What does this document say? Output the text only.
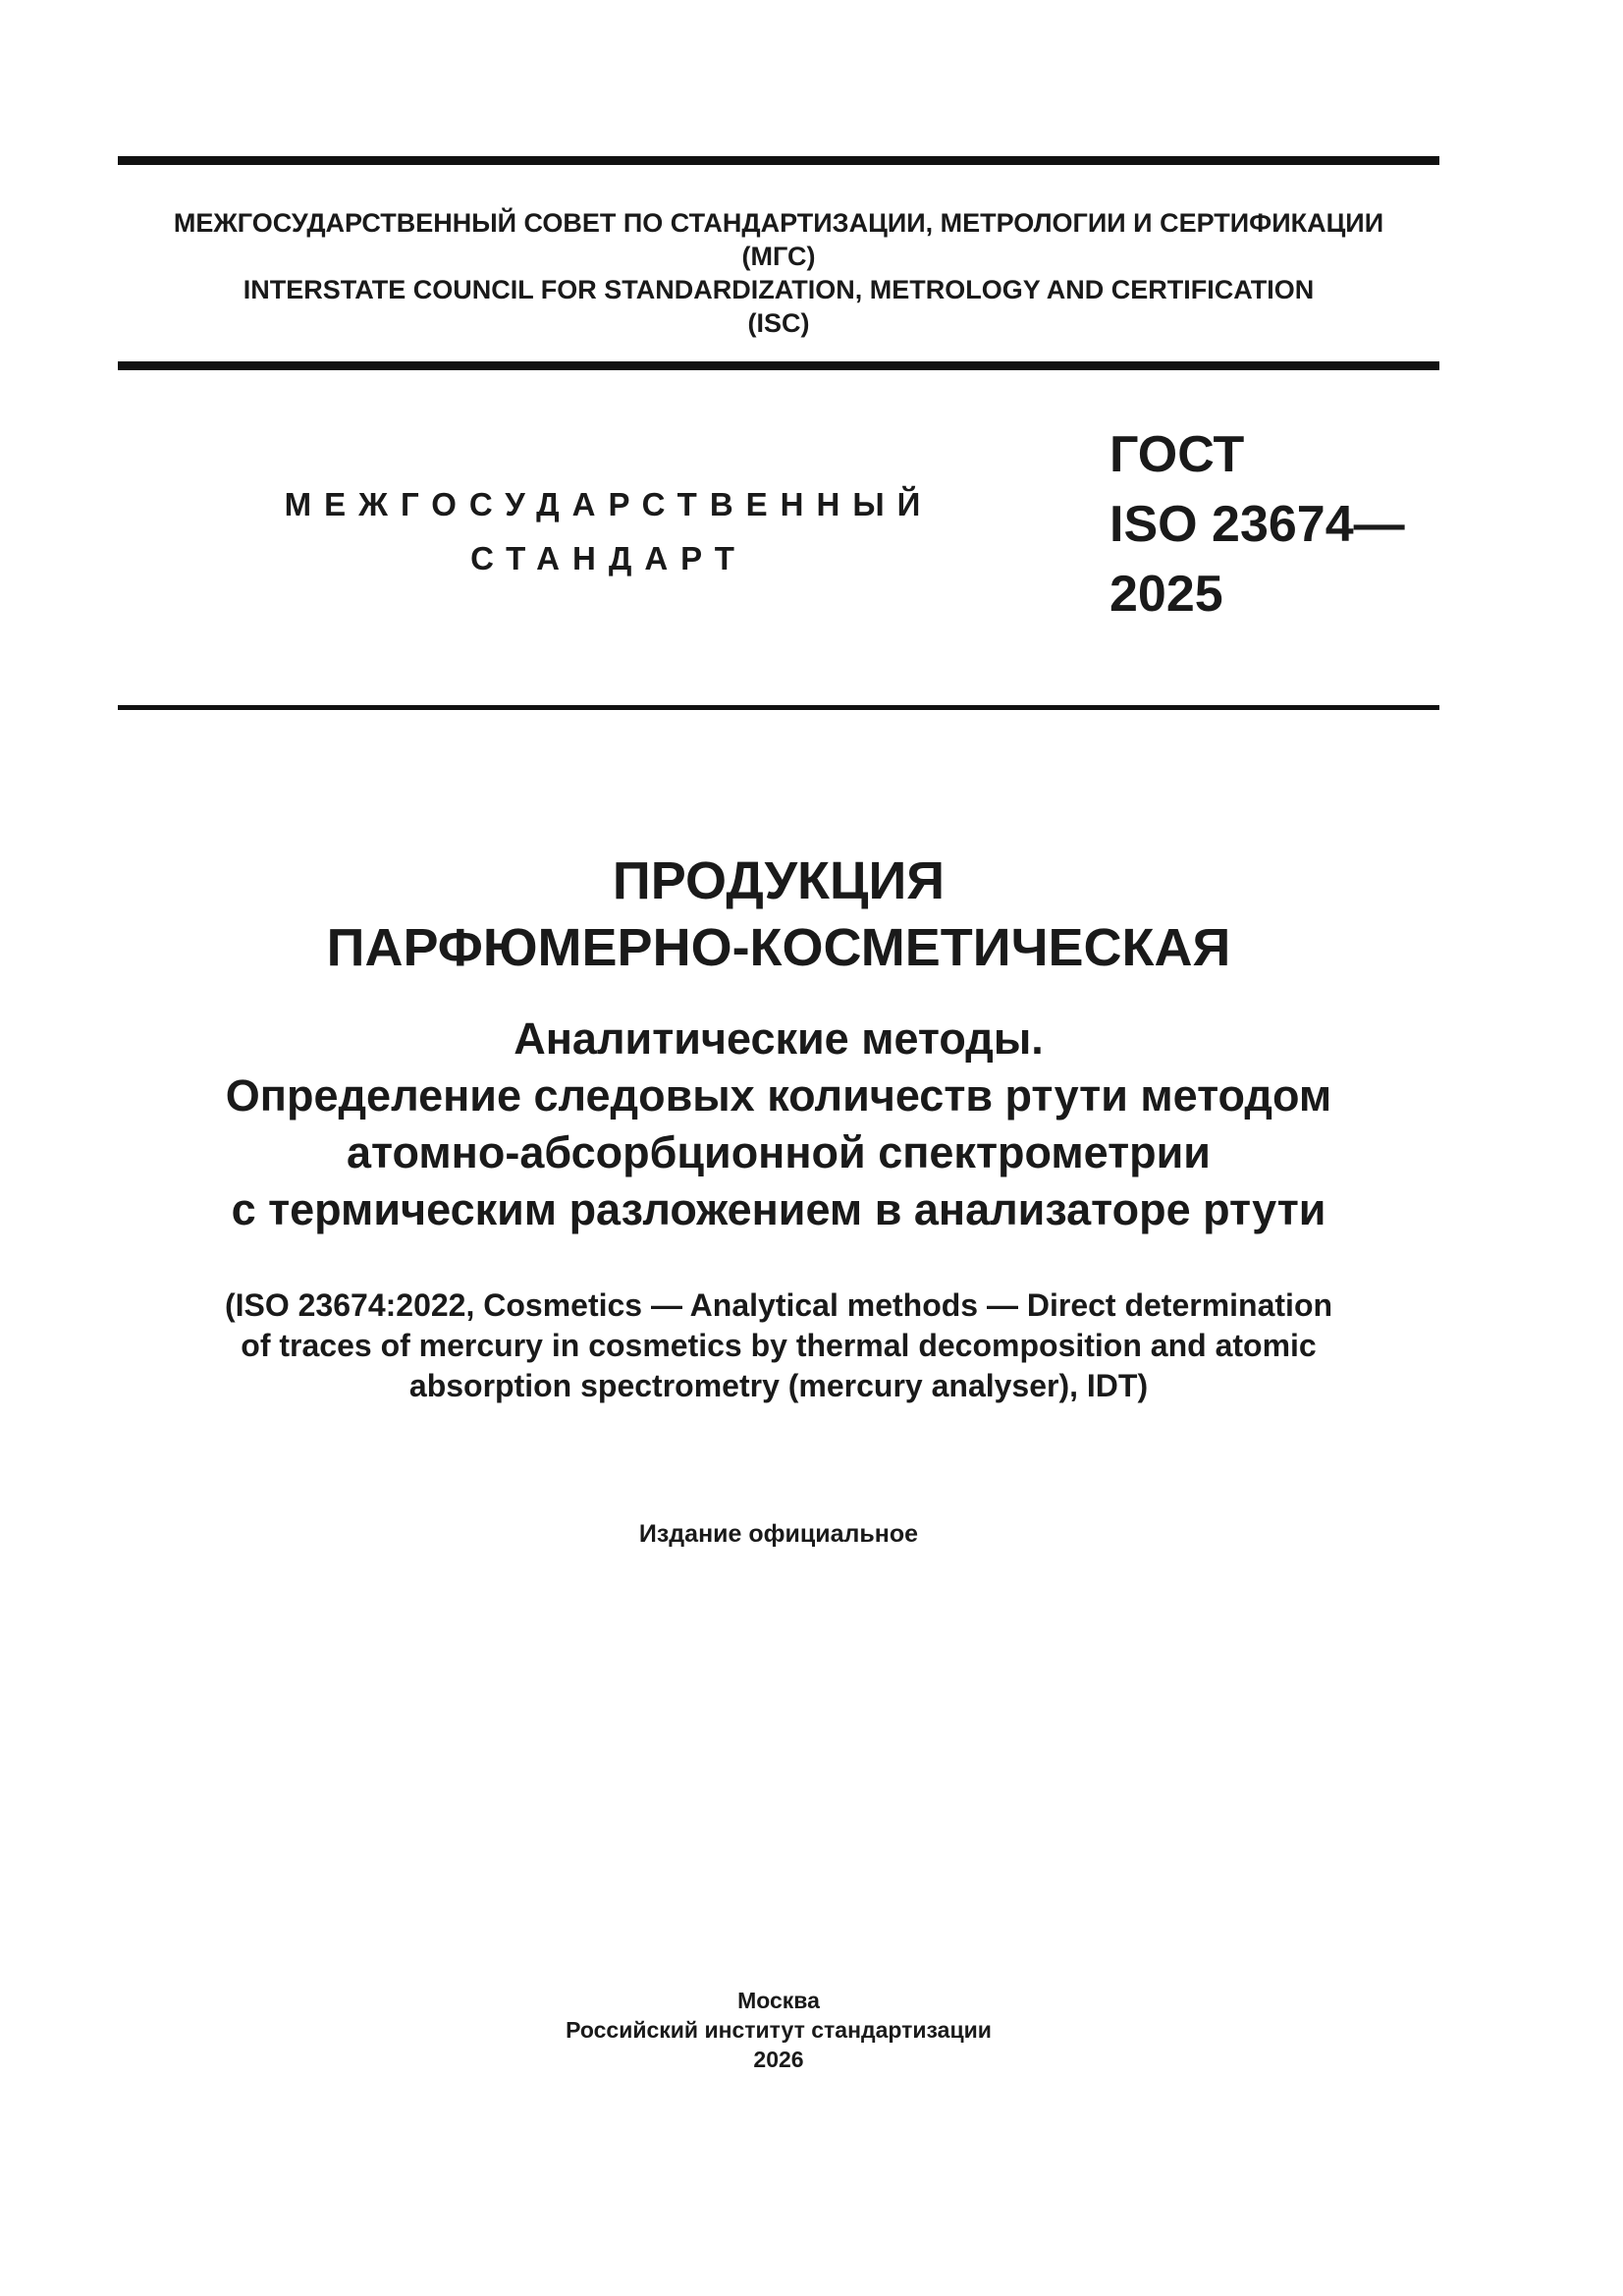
МЕЖГОСУДАРСТВЕННЫЙ СОВЕТ ПО СТАНДАРТИЗАЦИИ, МЕТРОЛОГИИ И СЕРТИФИКАЦИИ
(МГС)
INTERSTATE COUNCIL FOR STANDARDIZATION, METROLOGY AND CERTIFICATION
(ISC)
МЕЖГОСУДАРСТВЕННЫЙ
СТАНДАРТ
ГОСТ
ISO 23674—
2025
ПРОДУКЦИЯ
ПАРФЮМЕРНО-КОСМЕТИЧЕСКАЯ
Аналитические методы.
Определение следовых количеств ртути методом
атомно-абсорбционной спектрометрии
с термическим разложением в анализаторе ртути
(ISO 23674:2022, Cosmetics — Analytical methods — Direct determination
of traces of mercury in cosmetics by thermal decomposition and atomic
absorption spectrometry (mercury analyser), IDT)
Издание официальное
Москва
Российский институт стандартизации
2026
